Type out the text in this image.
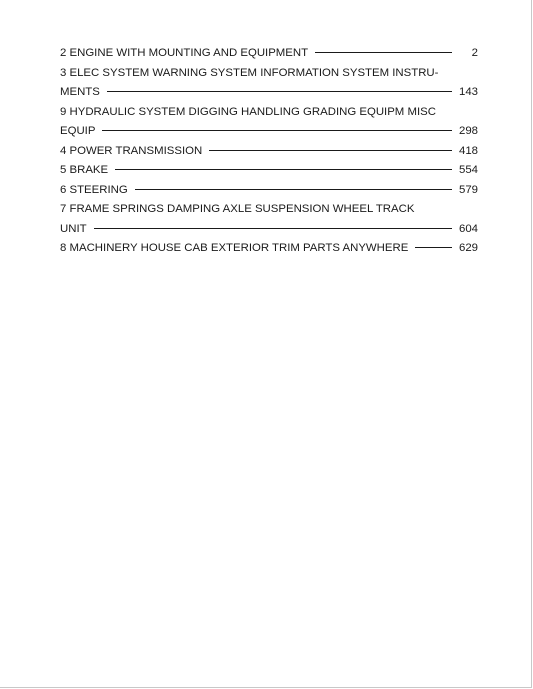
2 ENGINE WITH MOUNTING AND EQUIPMENT	2
3 ELEC SYSTEM WARNING SYSTEM INFORMATION SYSTEM INSTRU-
MENTS	143
9 HYDRAULIC SYSTEM DIGGING HANDLING GRADING EQUIPM MISC
EQUIP	298
4 POWER TRANSMISSION	418
5 BRAKE	554
6 STEERING	579
7 FRAME SPRINGS DAMPING AXLE SUSPENSION WHEEL TRACK
UNIT	604
8 MACHINERY HOUSE CAB EXTERIOR TRIM PARTS ANYWHERE	629
